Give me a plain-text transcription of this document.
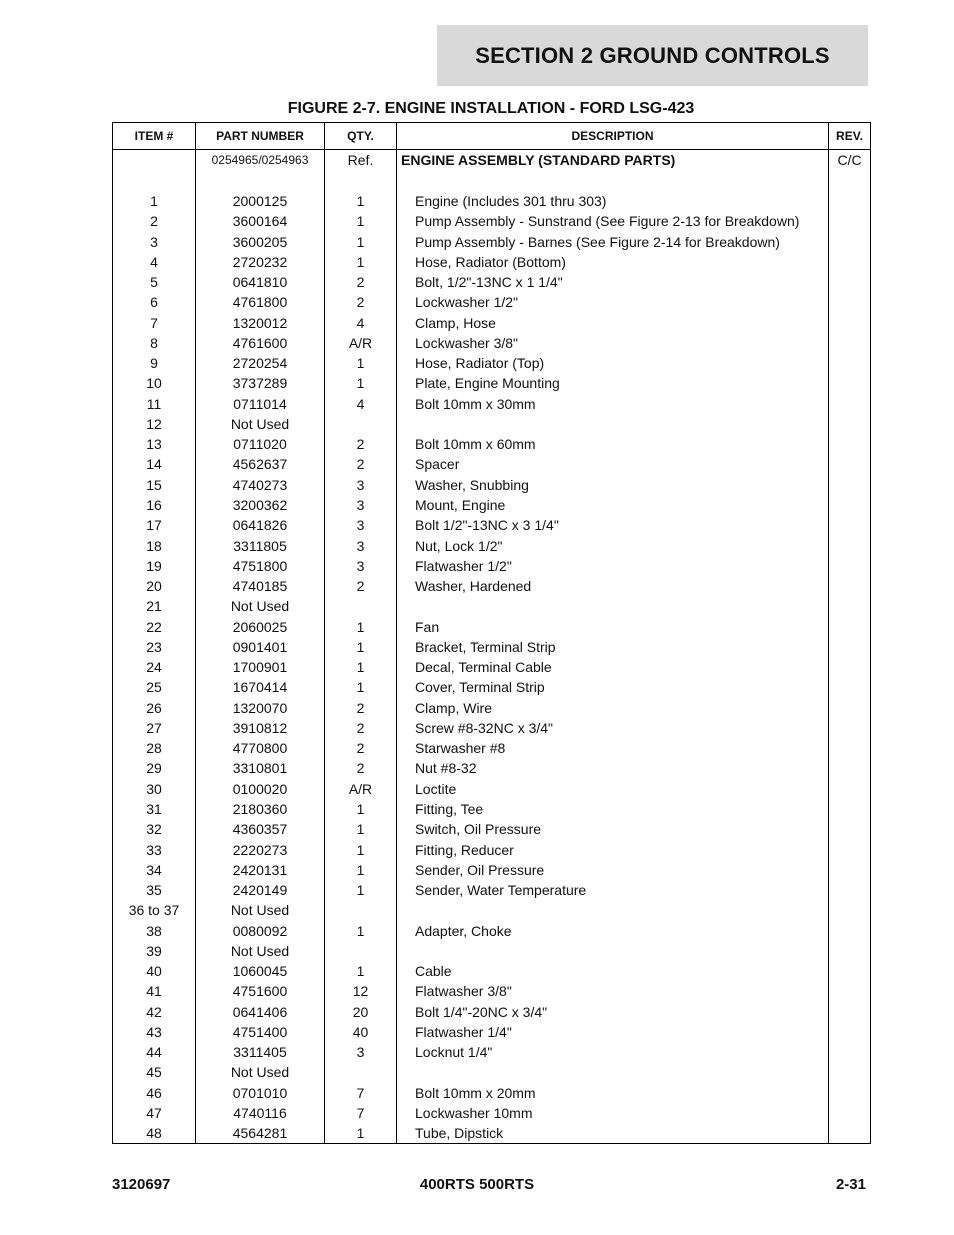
SECTION 2 GROUND CONTROLS
FIGURE 2-7. ENGINE INSTALLATION - FORD LSG-423
ITEM #	PART NUMBER	QTY.	DESCRIPTION	REV.
	0254965/0254963	Ref.	ENGINE ASSEMBLY (STANDARD PARTS)	C/C
1	2000125	1	Engine (Includes 301 thru 303)	
2	3600164	1	Pump Assembly - Sunstrand (See Figure 2-13 for Breakdown)	
3	3600205	1	Pump Assembly - Barnes (See Figure 2-14 for Breakdown)	
4	2720232	1	Hose, Radiator (Bottom)	
5	0641810	2	Bolt, 1/2"-13NC x 1 1/4"	
6	4761800	2	Lockwasher 1/2"	
7	1320012	4	Clamp, Hose	
8	4761600	A/R	Lockwasher 3/8"	
9	2720254	1	Hose, Radiator (Top)	
10	3737289	1	Plate, Engine Mounting	
11	0711014	4	Bolt 10mm x 30mm	
12	Not Used			
13	0711020	2	Bolt 10mm x 60mm	
14	4562637	2	Spacer	
15	4740273	3	Washer, Snubbing	
16	3200362	3	Mount, Engine	
17	0641826	3	Bolt 1/2"-13NC x 3 1/4"	
18	3311805	3	Nut, Lock 1/2"	
19	4751800	3	Flatwasher 1/2"	
20	4740185	2	Washer, Hardened	
21	Not Used			
22	2060025	1	Fan	
23	0901401	1	Bracket, Terminal Strip	
24	1700901	1	Decal, Terminal Cable	
25	1670414	1	Cover, Terminal Strip	
26	1320070	2	Clamp, Wire	
27	3910812	2	Screw #8-32NC x 3/4"	
28	4770800	2	Starwasher #8	
29	3310801	2	Nut #8-32	
30	0100020	A/R	Loctite	
31	2180360	1	Fitting, Tee	
32	4360357	1	Switch, Oil Pressure	
33	2220273	1	Fitting, Reducer	
34	2420131	1	Sender, Oil Pressure	
35	2420149	1	Sender, Water Temperature	
36 to 37	Not Used			
38	0080092	1	Adapter, Choke	
39	Not Used			
40	1060045	1	Cable	
41	4751600	12	Flatwasher 3/8"	
42	0641406	20	Bolt 1/4"-20NC x 3/4"	
43	4751400	40	Flatwasher 1/4"	
44	3311405	3	Locknut 1/4"	
45	Not Used			
46	0701010	7	Bolt 10mm x 20mm	
47	4740116	7	Lockwasher 10mm	
48	4564281	1	Tube, Dipstick	
3120697	400RTS 500RTS	2-31
